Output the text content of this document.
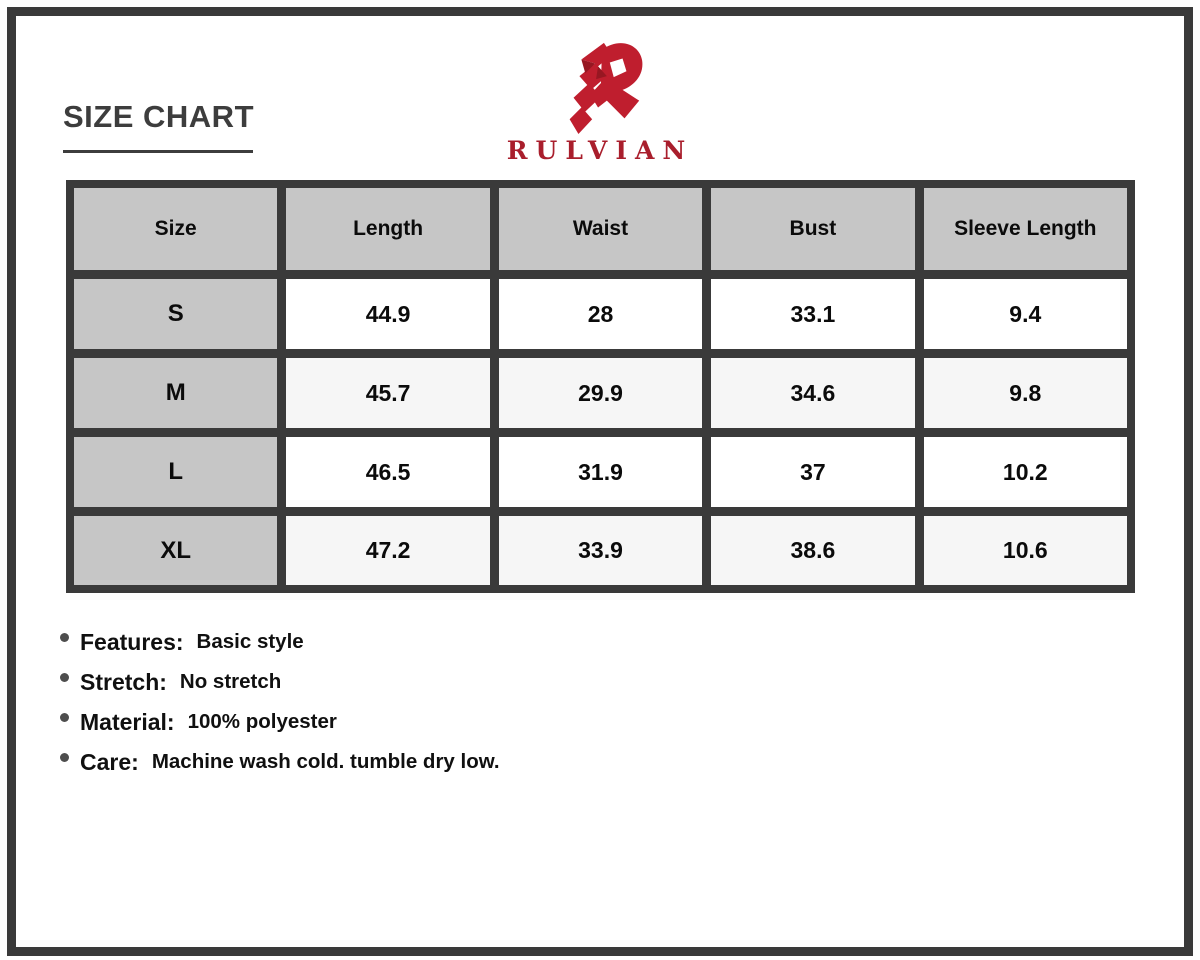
SIZE CHART
RULVIAN
Size	Length	Waist	Bust	Sleeve Length
S	44.9	28	33.1	9.4
M	45.7	29.9	34.6	9.8
L	46.5	31.9	37	10.2
XL	47.2	33.9	38.6	10.6
Features: Basic style
Stretch: No stretch
Material: 100% polyester
Care: Machine wash cold. tumble dry low.
